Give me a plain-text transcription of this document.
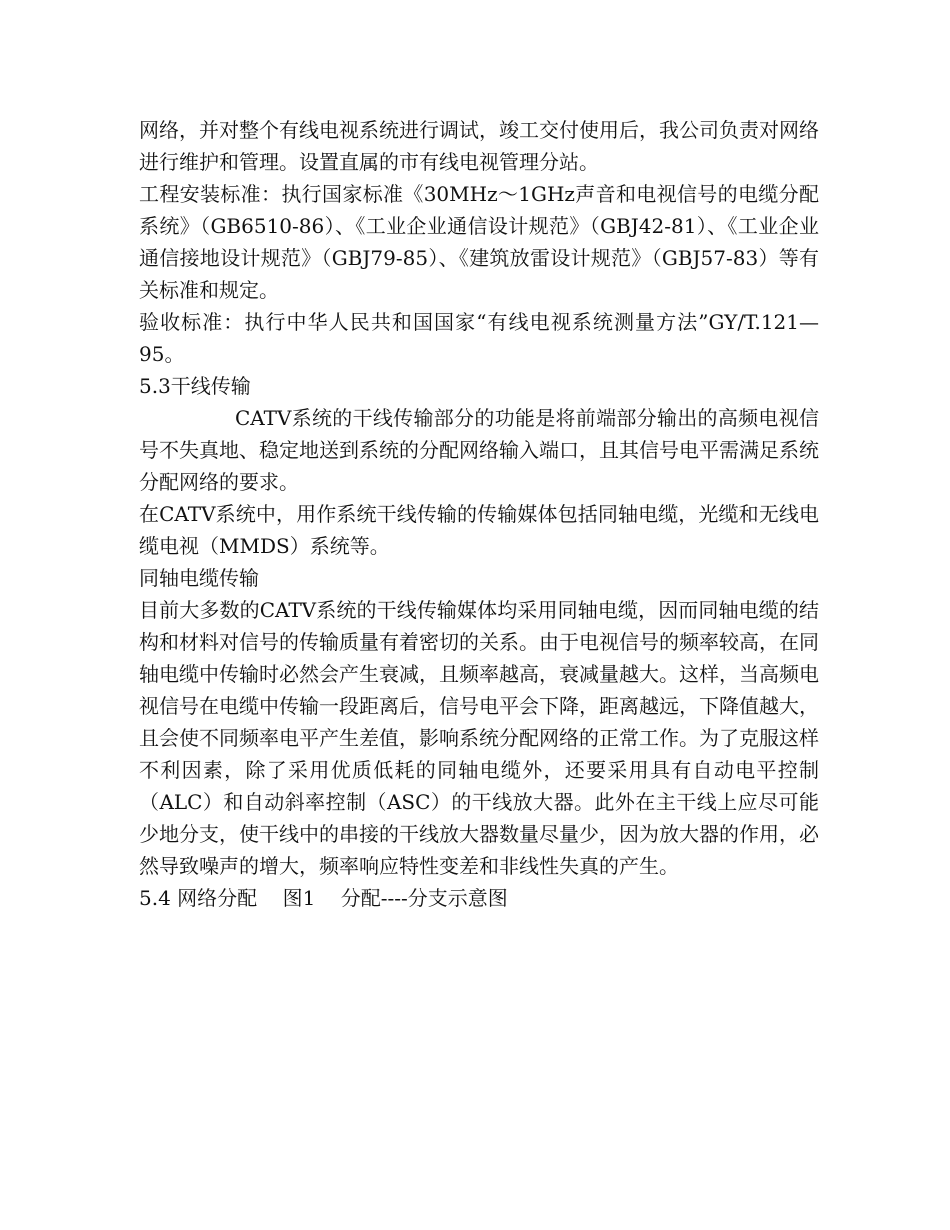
网络，并对整个有线电视系统进行调试，竣工交付使用后，我公司负责对网络进行维护和管理。设置直属的市有线电视管理分站。

工程安装标准：执行国家标准《30MHz～1GHz声音和电视信号的电缆分配系统》（GB6510-86）、《工业企业通信设计规范》（GBJ42-81）、《工业企业通信接地设计规范》（GBJ79-85）、《建筑放雷设计规范》（GBJ57-83）等有关标准和规定。

验收标准：执行中华人民共和国国家“有线电视系统测量方法”GY/T.121—95。

5.3干线传输

CATV系统的干线传输部分的功能是将前端部分输出的高频电视信号不失真地、稳定地送到系统的分配网络输入端口，且其信号电平需满足系统分配网络的要求。

在CATV系统中，用作系统干线传输的传输媒体包括同轴电缆，光缆和无线电缆电视（MMDS）系统等。

同轴电缆传输

目前大多数的CATV系统的干线传输媒体均采用同轴电缆，因而同轴电缆的结构和材料对信号的传输质量有着密切的关系。由于电视信号的频率较高，在同轴电缆中传输时必然会产生衰减，且频率越高，衰减量越大。这样，当高频电视信号在电缆中传输一段距离后，信号电平会下降，距离越远，下降值越大，且会使不同频率电平产生差值，影响系统分配网络的正常工作。为了克服这样不利因素，除了采用优质低耗的同轴电缆外，还要采用具有自动电平控制（ALC）和自动斜率控制（ASC）的干线放大器。此外在主干线上应尽可能少地分支，使干线中的串接的干线放大器数量尽量少，因为放大器的作用，必然导致噪声的增大，频率响应特性变差和非线性失真的产生。

5.4 网络分配    图1    分配----分支示意图
